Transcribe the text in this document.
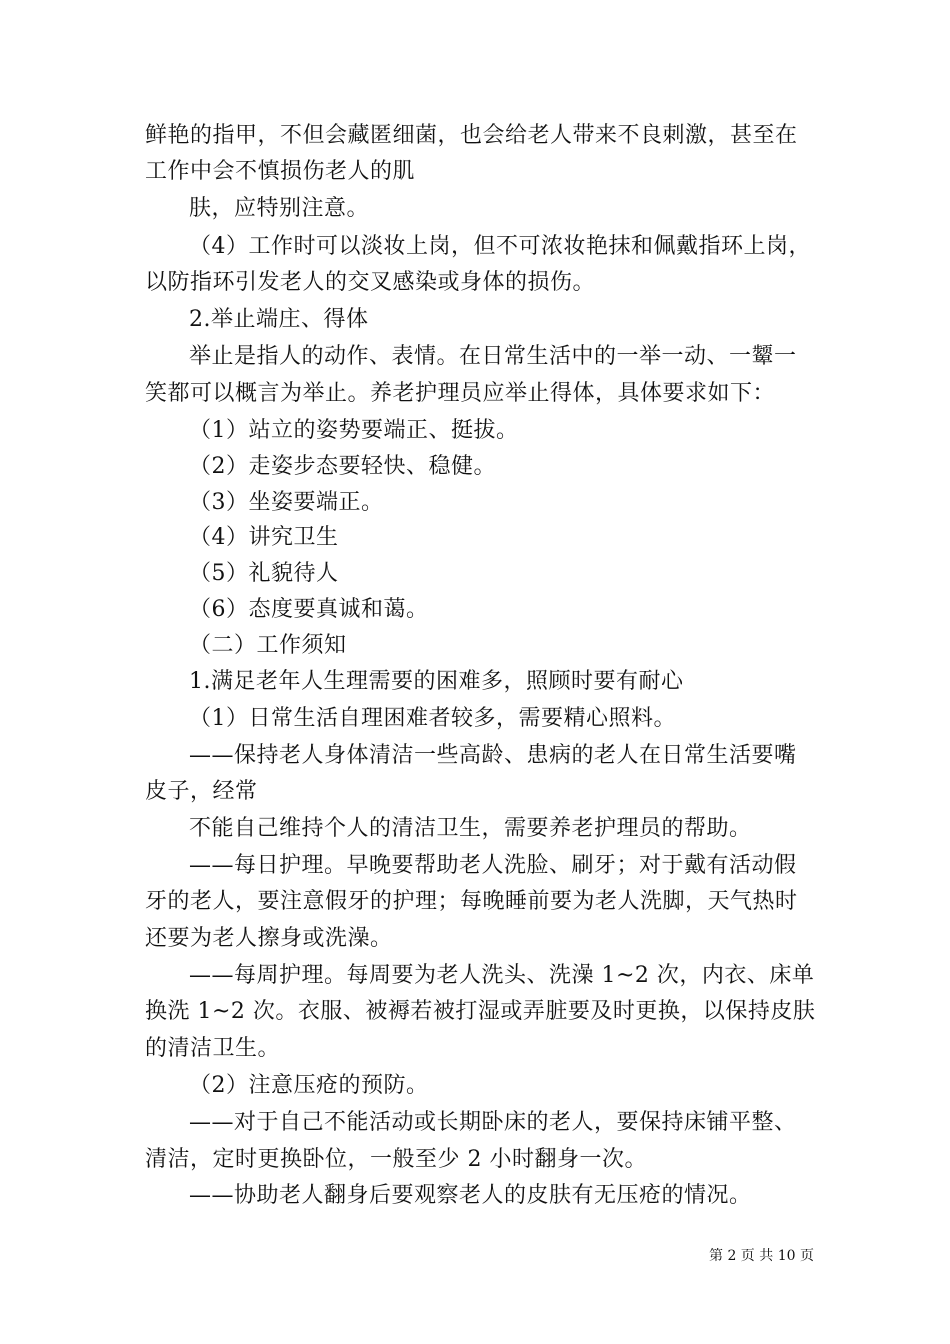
鲜艳的指甲，不但会藏匿细菌，也会给老人带来不良刺激，甚至在
工作中会不慎损伤老人的肌
肤，应特别注意。
（4）工作时可以淡妆上岗，但不可浓妆艳抹和佩戴指环上岗，
以防指环引发老人的交叉感染或身体的损伤。
2.举止端庄、得体
举止是指人的动作、表情。在日常生活中的一举一动、一颦一
笑都可以概言为举止。养老护理员应举止得体，具体要求如下：
（1）站立的姿势要端正、挺拔。
（2）走姿步态要轻快、稳健。
（3）坐姿要端正。
（4）讲究卫生
（5）礼貌待人
（6）态度要真诚和蔼。
（二）工作须知
1.满足老年人生理需要的困难多，照顾时要有耐心
（1）日常生活自理困难者较多，需要精心照料。
——保持老人身体清洁一些高龄、患病的老人在日常生活要嘴
皮子，经常
不能自己维持个人的清洁卫生，需要养老护理员的帮助。
——每日护理。早晚要帮助老人洗脸、刷牙；对于戴有活动假
牙的老人，要注意假牙的护理；每晚睡前要为老人洗脚，天气热时
还要为老人擦身或洗澡。
——每周护理。每周要为老人洗头、洗澡 1~2 次，内衣、床单
换洗 1~2 次。衣服、被褥若被打湿或弄脏要及时更换，以保持皮肤
的清洁卫生。
（2）注意压疮的预防。
——对于自己不能活动或长期卧床的老人，要保持床铺平整、
清洁，定时更换卧位，一般至少 2 小时翻身一次。
——协助老人翻身后要观察老人的皮肤有无压疮的情况。
第 2 页 共 10 页
